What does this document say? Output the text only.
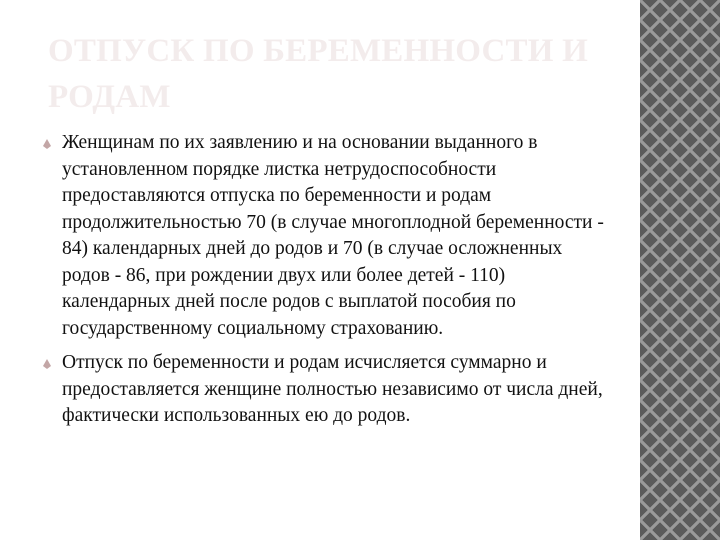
ОТПУСК ПО БЕРЕМЕННОСТИ И РОДАМ
Женщинам по их заявлению и на основании выданного в установленном порядке листка нетрудоспособности предоставляются отпуска по беременности и родам продолжительностью 70 (в случае многоплодной беременности - 84) календарных дней до родов и 70 (в случае осложненных родов - 86, при рождении двух или более детей - 110) календарных дней после родов с выплатой пособия по государственному социальному страхованию.
Отпуск по беременности и родам исчисляется суммарно и предоставляется женщине полностью независимо от числа дней, фактически использованных ею до родов.
